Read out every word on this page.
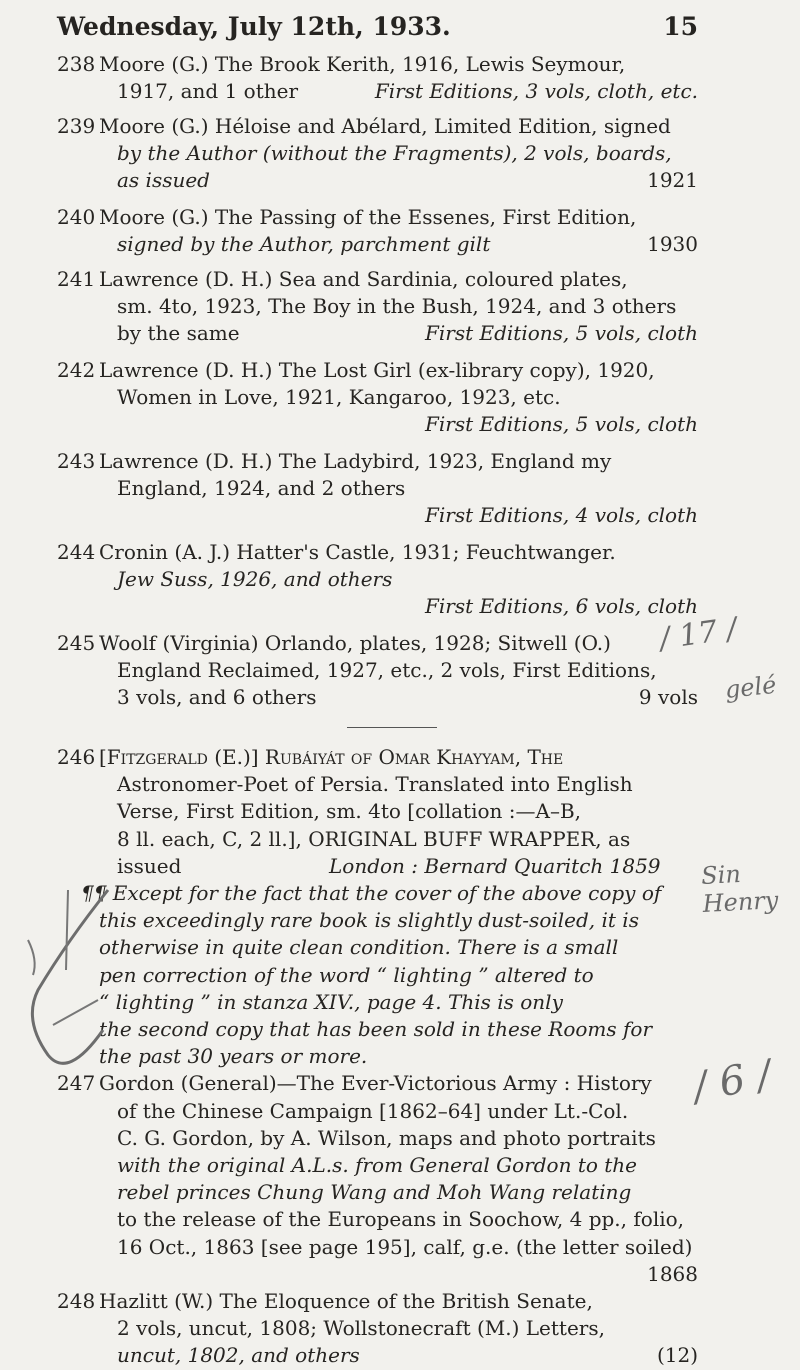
Wednesday, July 12th, 1933.	15
238 Moore (G.) The Brook Kerith, 1916, Lewis Seymour,
1917, and 1 other	First Editions, 3 vols, cloth, etc.
239 Moore (G.) Héloise and Abélard, Limited Edition, signed
by the Author (without the Fragments), 2 vols, boards,
as issued	1921
240 Moore (G.) The Passing of the Essenes, First Edition,
signed by the Author, parchment gilt	1930
241 Lawrence (D. H.) Sea and Sardinia, coloured plates,
sm. 4to, 1923, The Boy in the Bush, 1924, and 3 others
by the same	First Editions, 5 vols, cloth
242 Lawrence (D. H.) The Lost Girl (ex-library copy), 1920,
Women in Love, 1921, Kangaroo, 1923, etc.
First Editions, 5 vols, cloth
243 Lawrence (D. H.) The Ladybird, 1923, England my
England, 1924, and 2 others
First Editions, 4 vols, cloth
244 Cronin (A. J.) Hatter's Castle, 1931; Feuchtwanger.
Jew Suss, 1926, and others
First Editions, 6 vols, cloth
245 Woolf (Virginia) Orlando, plates, 1928; Sitwell (O.)
England Reclaimed, 1927, etc., 2 vols, First Editions,
3 vols, and 6 others	9 vols
246 [Fitzgerald (E.)] Rubáiyát of Omar Khayyam, The
Astronomer-Poet of Persia. Translated into English
Verse, First Edition, sm. 4to [collation :—A–B,
8 ll. each, C, 2 ll.], ORIGINAL BUFF WRAPPER, as
issued	London : Bernard Quaritch 1859
¶¶ Except for the fact that the cover of the above copy of
this exceedingly rare book is slightly dust-soiled, it is
otherwise in quite clean condition. There is a small
pen correction of the word “ lighting ” altered to
“ lighting ” in stanza XIV., page 4. This is only
the second copy that has been sold in these Rooms for
the past 30 years or more.
247 Gordon (General)—The Ever-Victorious Army : History
of the Chinese Campaign [1862–64] under Lt.-Col.
C. G. Gordon, by A. Wilson, maps and photo portraits
with the original A.L.s. from General Gordon to the
rebel princes Chung Wang and Moh Wang relating
to the release of the Europeans in Soochow, 4 pp., folio,
16 Oct., 1863 [see page 195], calf, g.e. (the letter soiled)
1868
248 Hazlitt (W.) The Eloquence of the British Senate,
2 vols, uncut, 1808; Wollstonecraft (M.) Letters,
uncut, 1802, and others	(12)
/ 17 /
gelé
Sin Henry
/ 6 /
